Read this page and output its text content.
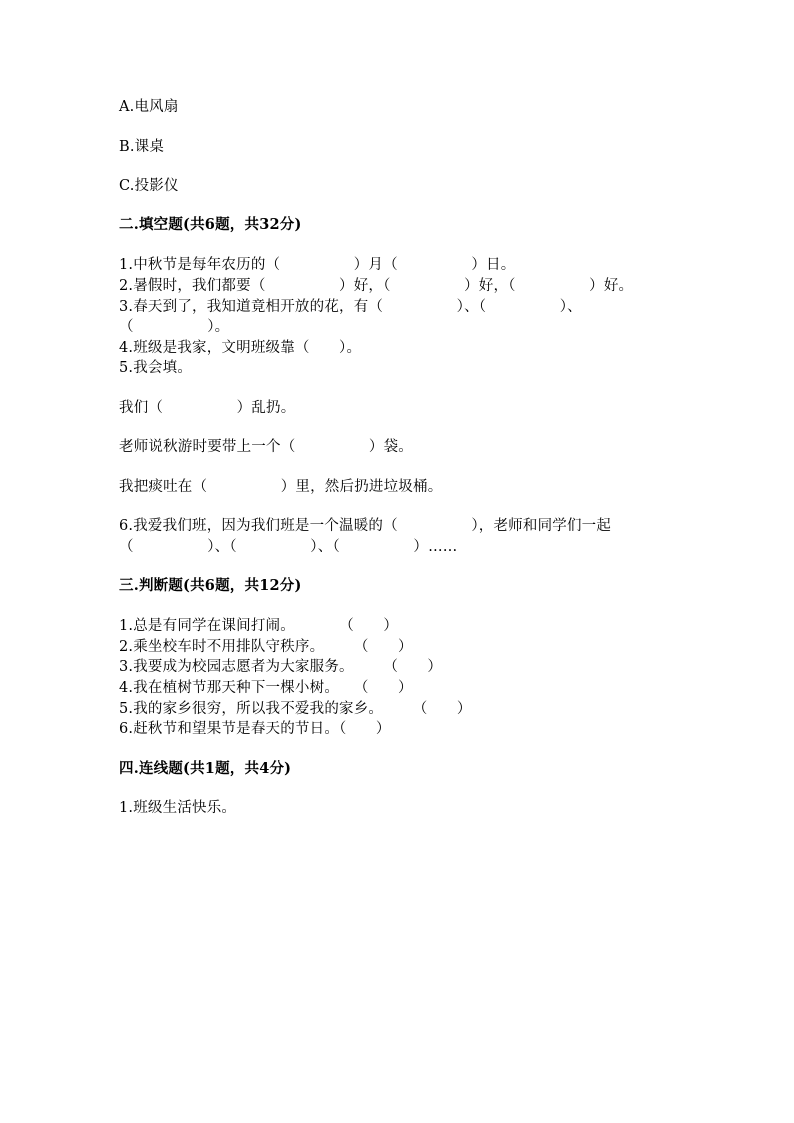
A.电风扇
B.课桌
C.投影仪
二.填空题(共6题，共32分)
1.中秋节是每年农历的（　　　　　）月（　　　　　）日。
2.暑假时，我们都要（　　　　　）好，（　　　　　）好，（　　　　　）好。
3.春天到了，我知道竟相开放的花，有（　　　　　）、（　　　　　）、
（　　　　　）。
4.班级是我家，文明班级靠（　　）。
5.我会填。
我们（　　　　　）乱扔。
老师说秋游时要带上一个（　　　　　）袋。
我把痰吐在（　　　　　）里，然后扔进垃圾桶。
6.我爱我们班，因为我们班是一个温暖的（　　　　　），老师和同学们一起
（　　　　　）、（　　　　　）、（　　　　　）……
三.判断题(共6题，共12分)
1.总是有同学在课间打闹。　　　　（　　）
2.乘坐校车时不用排队守秩序。　　　（　　）
3.我要成为校园志愿者为大家服务。　　　（　　）
4.我在植树节那天种下一棵小树。　　（　　）
5.我的家乡很穷，所以我不爱我的家乡。　　　（　　）
6.赶秋节和望果节是春天的节日。（　　）
四.连线题(共1题，共4分)
1.班级生活快乐。
